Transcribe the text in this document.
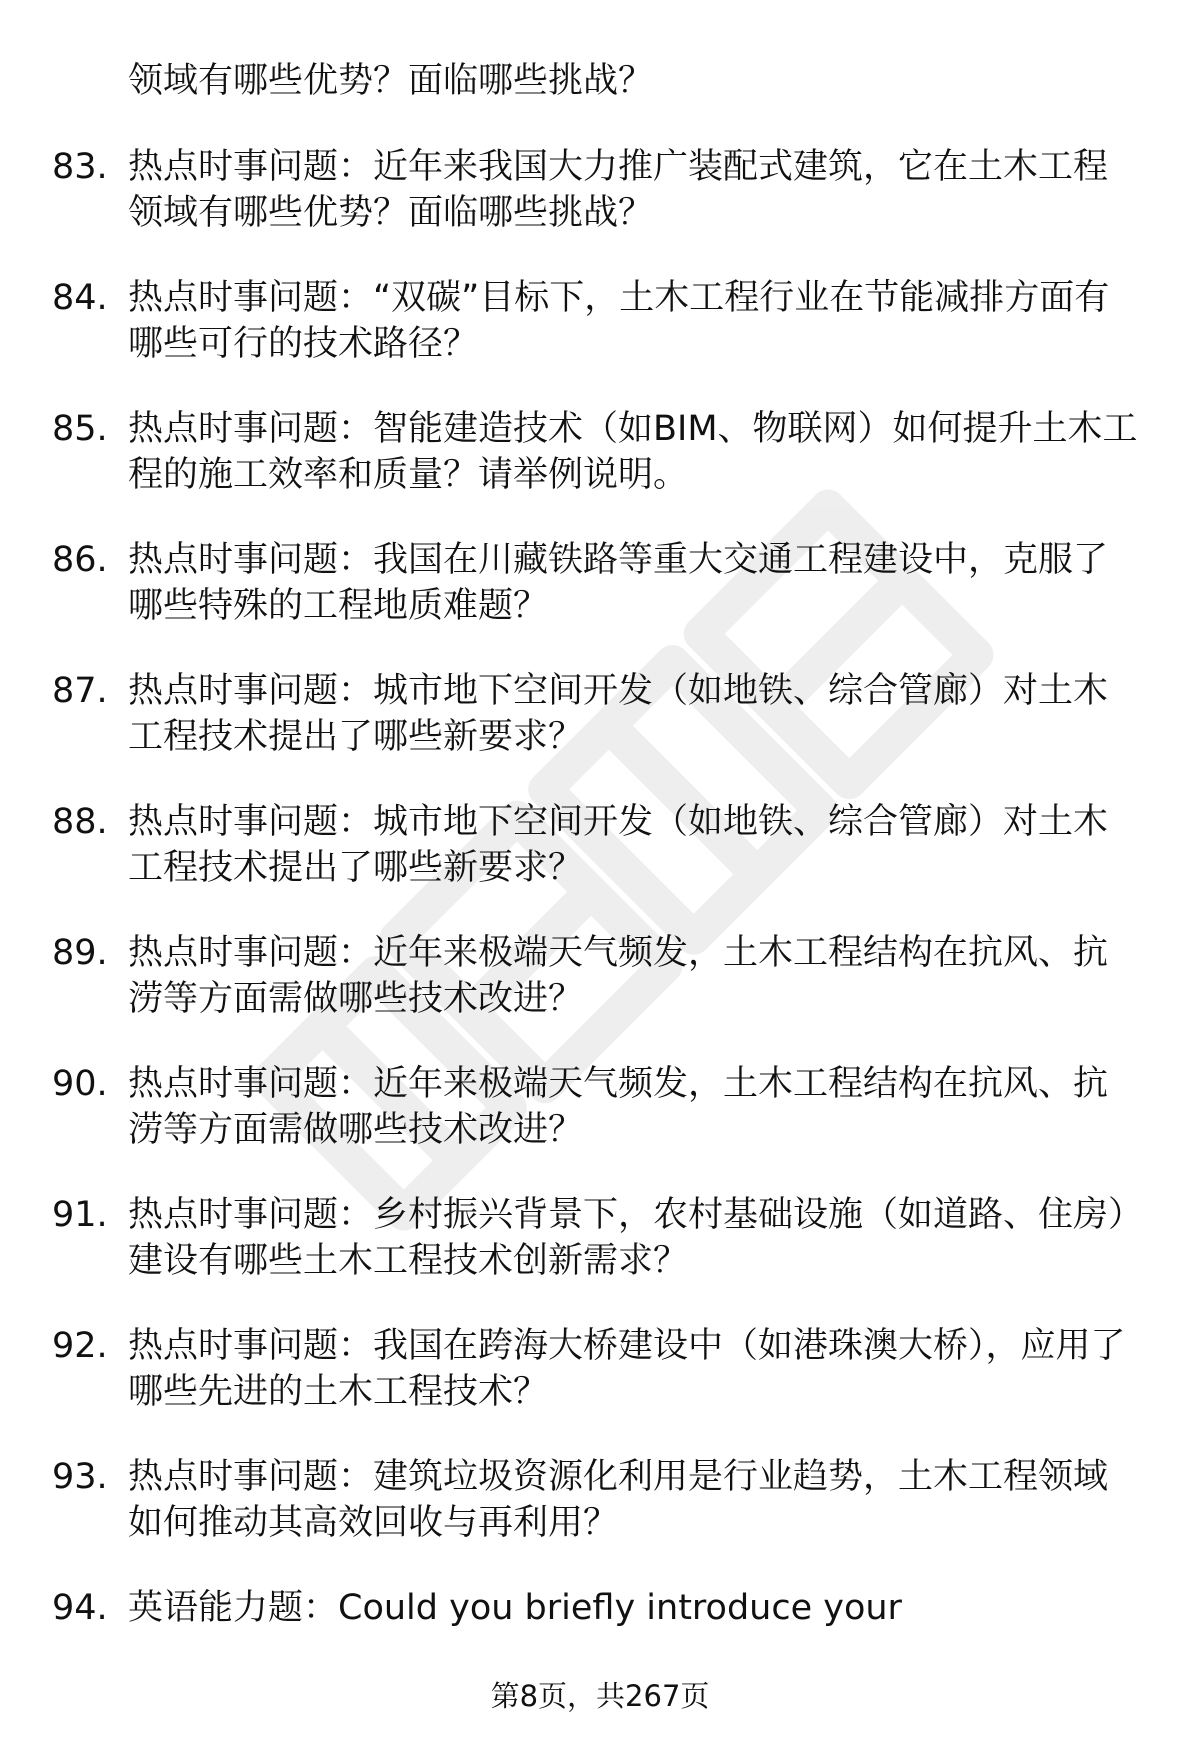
领域有哪些优势？面临哪些挑战？
83. 热点时事问题：近年来我国大力推广装配式建筑，它在土木工程领域有哪些优势？面临哪些挑战？
84. 热点时事问题：“双碳”目标下，土木工程行业在节能减排方面有哪些可行的技术路径？
85. 热点时事问题：智能建造技术（如BIM、物联网）如何提升土木工程的施工效率和质量？请举例说明。
86. 热点时事问题：我国在川藏铁路等重大交通工程建设中，克服了哪些特殊的工程地质难题？
87. 热点时事问题：城市地下空间开发（如地铁、综合管廊）对土木工程技术提出了哪些新要求？
88. 热点时事问题：城市地下空间开发（如地铁、综合管廊）对土木工程技术提出了哪些新要求？
89. 热点时事问题：近年来极端天气频发，土木工程结构在抗风、抗涝等方面需做哪些技术改进？
90. 热点时事问题：近年来极端天气频发，土木工程结构在抗风、抗涝等方面需做哪些技术改进？
91. 热点时事问题：乡村振兴背景下，农村基础设施（如道路、住房）建设有哪些土木工程技术创新需求？
92. 热点时事问题：我国在跨海大桥建设中（如港珠澳大桥），应用了哪些先进的土木工程技术？
93. 热点时事问题：建筑垃圾资源化利用是行业趋势，土木工程领域如何推动其高效回收与再利用？
94. 英语能力题：Could you briefly introduce your
第8页，共267页
